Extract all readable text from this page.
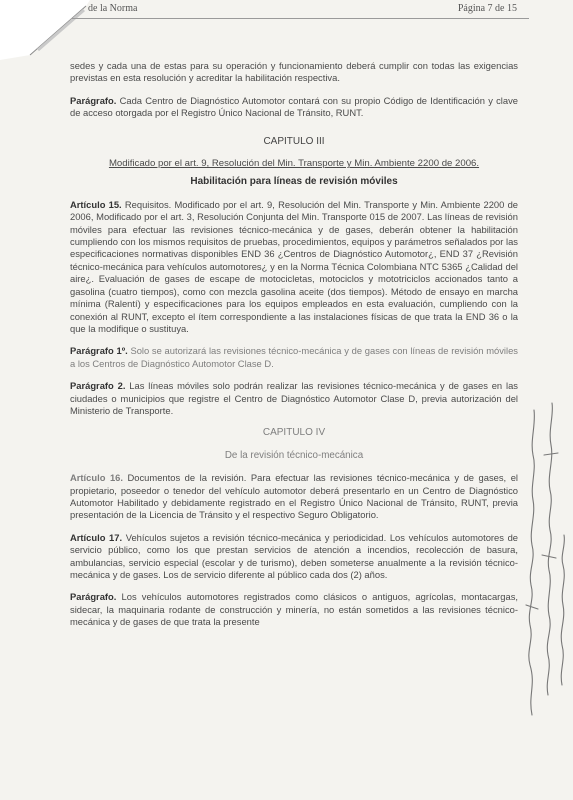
de la Norma	Página 7 de 15

sedes y cada una de estas para su operación y funcionamiento deberá cumplir con todas las exigencias previstas en esta resolución y acreditar la habilitación respectiva.

Parágrafo. Cada Centro de Diagnóstico Automotor contará con su propio Código de Identificación y clave de acceso otorgada por el Registro Único Nacional de Tránsito, RUNT.

CAPITULO III

Modificado por el art. 9, Resolución del Min. Transporte y Min. Ambiente 2200 de 2006.

Habilitación para líneas de revisión móviles

Artículo 15. Requisitos. Modificado por el art. 9, Resolución del Min. Transporte y Min. Ambiente 2200 de 2006, Modificado por el art. 3, Resolución Conjunta del Min. Transporte 015 de 2007. Las líneas de revisión móviles para efectuar las revisiones técnico-mecánica y de gases, deberán obtener la habilitación cumpliendo con los mismos requisitos de pruebas, procedimientos, equipos y parámetros señalados por las especificaciones normativas disponibles END 36 ¿Centros de Diagnóstico Automotor¿, END 37 ¿Revisión técnico-mecánica para vehículos automotores¿ y en la Norma Técnica Colombiana NTC 5365 ¿Calidad del aire¿. Evaluación de gases de escape de motocicletas, motociclos y mototriciclos accionados tanto a gasolina (cuatro tiempos), como con mezcla gasolina aceite (dos tiempos). Método de ensayo en marcha mínima (Ralentí) y especificaciones para los equipos empleados en esta evaluación, cumpliendo con la conexión al RUNT, excepto el ítem correspondiente a las instalaciones físicas de que trata la END 36 o la que la modifique o sustituya.

Parágrafo 1º. Solo se autorizará las revisiones técnico-mecánica y de gases con líneas de revisión móviles a los Centros de Diagnóstico Automotor Clase D.

Parágrafo 2. Las líneas móviles solo podrán realizar las revisiones técnico-mecánica y de gases en las ciudades o municipios que registre el Centro de Diagnóstico Automotor Clase D, previa autorización del Ministerio de Transporte.

CAPITULO IV

De la revisión técnico-mecánica

Artículo 16. Documentos de la revisión. Para efectuar las revisiones técnico-mecánica y de gases, el propietario, poseedor o tenedor del vehículo automotor deberá presentarlo en un Centro de Diagnóstico Automotor Habilitado y debidamente registrado en el Registro Único Nacional de Tránsito, RUNT, previa presentación de la Licencia de Tránsito y el respectivo Seguro Obligatorio.

Artículo 17. Vehículos sujetos a revisión técnico-mecánica y periodicidad. Los vehículos automotores de servicio público, como los que prestan servicios de atención a incendios, recolección de basura, ambulancias, servicio especial (escolar y de turismo), deben someterse anualmente a la revisión técnico-mecánica y de gases. Los de servicio diferente al público cada dos (2) años.

Parágrafo. Los vehículos automotores registrados como clásicos o antiguos, agrícolas, montacargas, sidecar, la maquinaria rodante de construcción y minería, no están sometidos a las revisiones técnico-mecánica y de gases de que trata la presente
